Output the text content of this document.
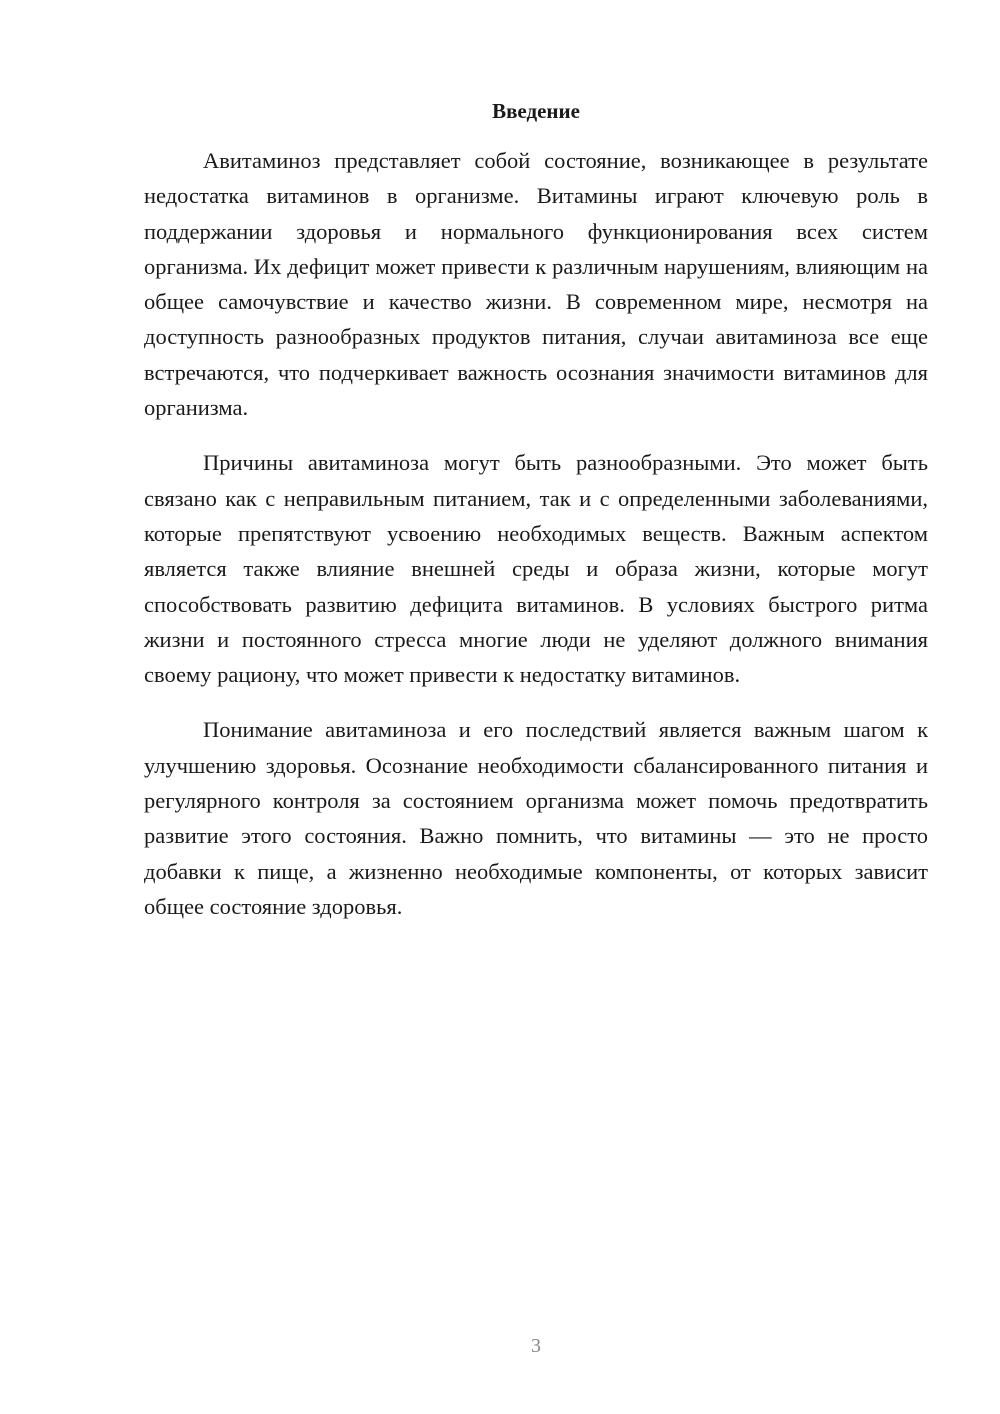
Введение

Авитаминоз представляет собой состояние, возникающее в результате недостатка витаминов в организме. Витамины играют ключевую роль в поддержании здоровья и нормального функционирования всех систем организма. Их дефицит может привести к различным нарушениям, влияющим на общее самочувствие и качество жизни. В современном мире, несмотря на доступность разнообразных продуктов питания, случаи авитаминоза все еще встречаются, что подчеркивает важность осознания значимости витаминов для организма.

Причины авитаминоза могут быть разнообразными. Это может быть связано как с неправильным питанием, так и с определенными заболеваниями, которые препятствуют усвоению необходимых веществ. Важным аспектом является также влияние внешней среды и образа жизни, которые могут способствовать развитию дефицита витаминов. В условиях быстрого ритма жизни и постоянного стресса многие люди не уделяют должного внимания своему рациону, что может привести к недостатку витаминов.

Понимание авитаминоза и его последствий является важным шагом к улучшению здоровья. Осознание необходимости сбалансированного питания и регулярного контроля за состоянием организма может помочь предотвратить развитие этого состояния. Важно помнить, что витамины — это не просто добавки к пище, а жизненно необходимые компоненты, от которых зависит общее состояние здоровья.

3
